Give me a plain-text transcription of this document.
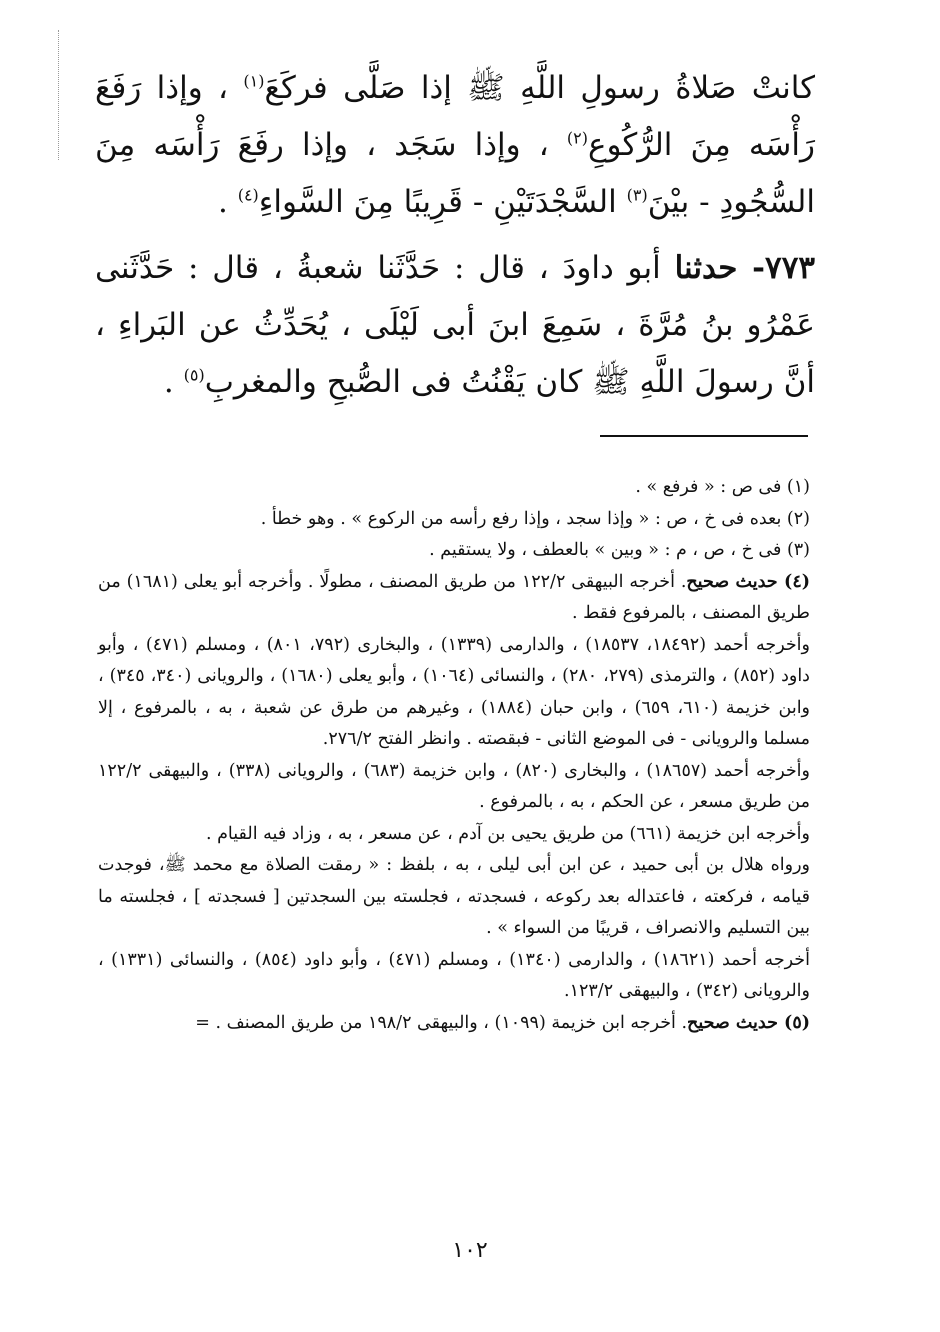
كانتْ صَلاةُ رسولِ اللَّهِ ﷺ إذا صَلَّى فركَعَ$^{(١)}$ ، وإذا رَفَعَ رَأْسَه مِنَ الرُّكُوعِ$^{(٢)}$ ، وإذا سَجَد ، وإذا رفَعَ رَأْسَه مِنَ السُّجُودِ - بيْنَ$^{(٣)}$ السَّجْدَتَيْنِ - قَرِيبًا مِنَ السَّواءِ$^{(٤)}$ .

٧٧٣- حدثنا أبو داودَ ، قال : حَدَّثَنا شعبةُ ، قال : حَدَّثَنى عَمْرُو بنُ مُرَّةَ ، سَمِعَ ابنَ أبى لَيْلَى ، يُحَدِّثُ عن البَراءِ ، أنَّ رسولَ اللَّهِ ﷺ كان يَقْنُتُ فى الصُّبحِ والمغربِ$^{(٥)}$ .

(١) فى ص : « فرفع » .

(٢) بعده فى خ ، ص : « وإذا سجد ، وإذا رفع رأسه من الركوع » . وهو خطأ .

(٣) فى خ ، ص ، م : « وبين » بالعطف ، ولا يستقيم .

(٤) حديث صحيح. أخرجه البيهقى ١٢٢/٢ من طريق المصنف ، مطولًا . وأخرجه أبو يعلى (١٦٨١) من طريق المصنف ، بالمرفوع فقط .

وأخرجه أحمد (١٨٤٩٢، ١٨٥٣٧) ، والدارمى (١٣٣٩) ، والبخارى (٧٩٢، ٨٠١) ، ومسلم (٤٧١) ، وأبو داود (٨٥٢) ، والترمذى (٢٧٩، ٢٨٠) ، والنسائى (١٠٦٤) ، وأبو يعلى (١٦٨٠) ، والرويانى (٣٤٠، ٣٤٥) ، وابن خزيمة (٦١٠، ٦٥٩) ، وابن حبان (١٨٨٤) ، وغيرهم من طرق عن شعبة ، به ، بالمرفوع ، إلا مسلما والرويانى - فى الموضع الثانى - فبقصته . وانظر الفتح ٢٧٦/٢.

وأخرجه أحمد (١٨٦٥٧) ، والبخارى (٨٢٠) ، وابن خزيمة (٦٨٣) ، والرويانى (٣٣٨) ، والبيهقى ١٢٢/٢ من طريق مسعر ، عن الحكم ، به ، بالمرفوع .

وأخرجه ابن خزيمة (٦٦١) من طريق يحيى بن آدم ، عن مسعر ، به ، وزاد فيه القيام .

ورواه هلال بن أبى حميد ، عن ابن أبى ليلى ، به ، بلفظ : « رمقت الصلاة مع محمد ﷺ، فوجدت قيامه ، فركعته ، فاعتداله بعد ركوعه ، فسجدته ، فجلسته بين السجدتين [ فسجدته ] ، فجلسته ما بين التسليم والانصراف ، قريبًا من السواء » .

أخرجه أحمد (١٨٦٢١) ، والدارمى (١٣٤٠) ، ومسلم (٤٧١) ، وأبو داود (٨٥٤) ، والنسائى (١٣٣١) ، والرويانى (٣٤٢) ، والبيهقى ١٢٣/٢.

(٥) حديث صحيح. أخرجه ابن خزيمة (١٠٩٩) ، والبيهقى ١٩٨/٢ من طريق المصنف . =

١٠٢
